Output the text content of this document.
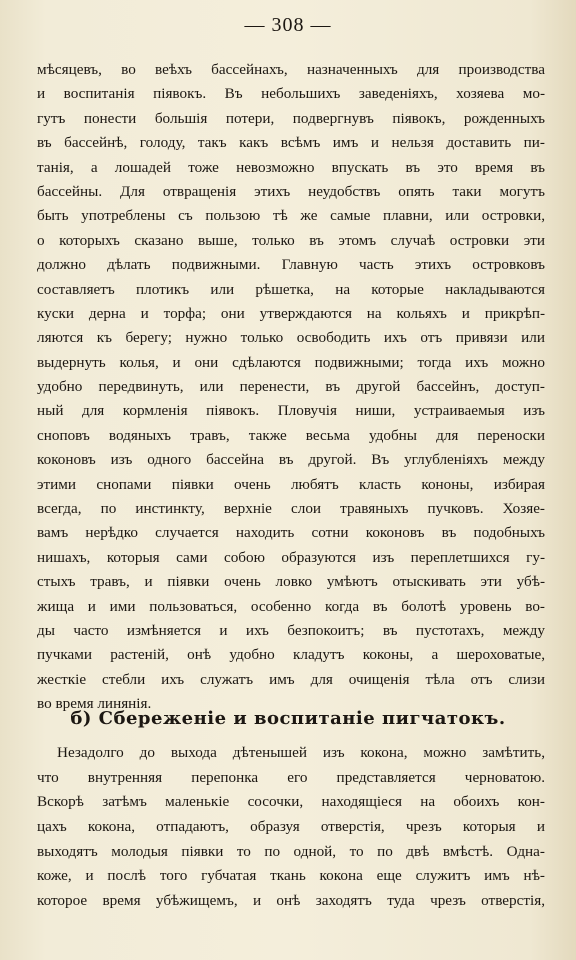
— 308 —
мѣсяцевъ, во веѣхъ бассейнахъ, назначенныхъ для производства
и воспитанія піявокъ. Въ небольшихъ заведеніяхъ, хозяева мо-
гутъ понести большія потери, подвергнувъ піявокъ, рожденныхъ
въ бассейнѣ, голоду, такъ какъ всѣмъ имъ и нельзя доставить пи-
танія, а лошадей тоже невозможно впускать въ это время въ
бассейны. Для отвращенія этихъ неудобствъ опять таки могутъ
быть употреблены съ пользою тѣ же самые плавни, или островки,
о которыхъ сказано выше, только въ этомъ случаѣ островки эти
должно дѣлать подвижными. Главную часть этихъ островковъ
составляетъ плотикъ или рѣшетка, на которые накладываются
куски дерна и торфа; они утверждаются на кольяхъ и прикрѣп-
ляются къ берегу; нужно только освободить ихъ отъ привязи или
выдернуть колья, и они сдѣлаются подвижными; тогда ихъ можно
удобно передвинуть, или перенести, въ другой бассейнъ, доступ-
ный для кормленія піявокъ. Пловучія ниши, устраиваемыя изъ
сноповъ водяныхъ травъ, также весьма удобны для переноски
коконовъ изъ одного бассейна въ другой. Въ углубленіяхъ между
этими снопами піявки очень любятъ класть кононы, избирая
всегда, по инстинкту, верхніе слои травяныхъ пучковъ. Хозяе-
вамъ нерѣдко случается находить сотни коконовъ въ подобныхъ
нишахъ, которыя сами собою образуются изъ переплетшихся гу-
стыхъ травъ, и піявки очень ловко умѣютъ отыскивать эти убѣ-
жища и ими пользоваться, особенно когда въ болотѣ уровень во-
ды часто измѣняется и ихъ безпокоитъ; въ пустотахъ, между
пучками растеній, онѣ удобно кладутъ коконы, а шероховатые,
жесткіе стебли ихъ служатъ имъ для очищенія тѣла отъ слизи
во время линянія.
б) Сбереженіе и воспитаніе пигчатокъ.
Незадолго до выхода дѣтенышей изъ кокона, можно замѣтить,
что внутренняя перепонка его представляется черноватою.
Вскорѣ затѣмъ маленькіе сосочки, находящіеся на обоихъ кон-
цахъ кокона, отпадаютъ, образуя отверстія, чрезъ которыя и
выходятъ молодыя піявки то по одной, то по двѣ вмѣстѣ. Одна-
коже, и послѣ того губчатая ткань кокона еще служитъ имъ нѣ-
которое время убѣжищемъ, и онѣ заходятъ туда чрезъ отверстія,
